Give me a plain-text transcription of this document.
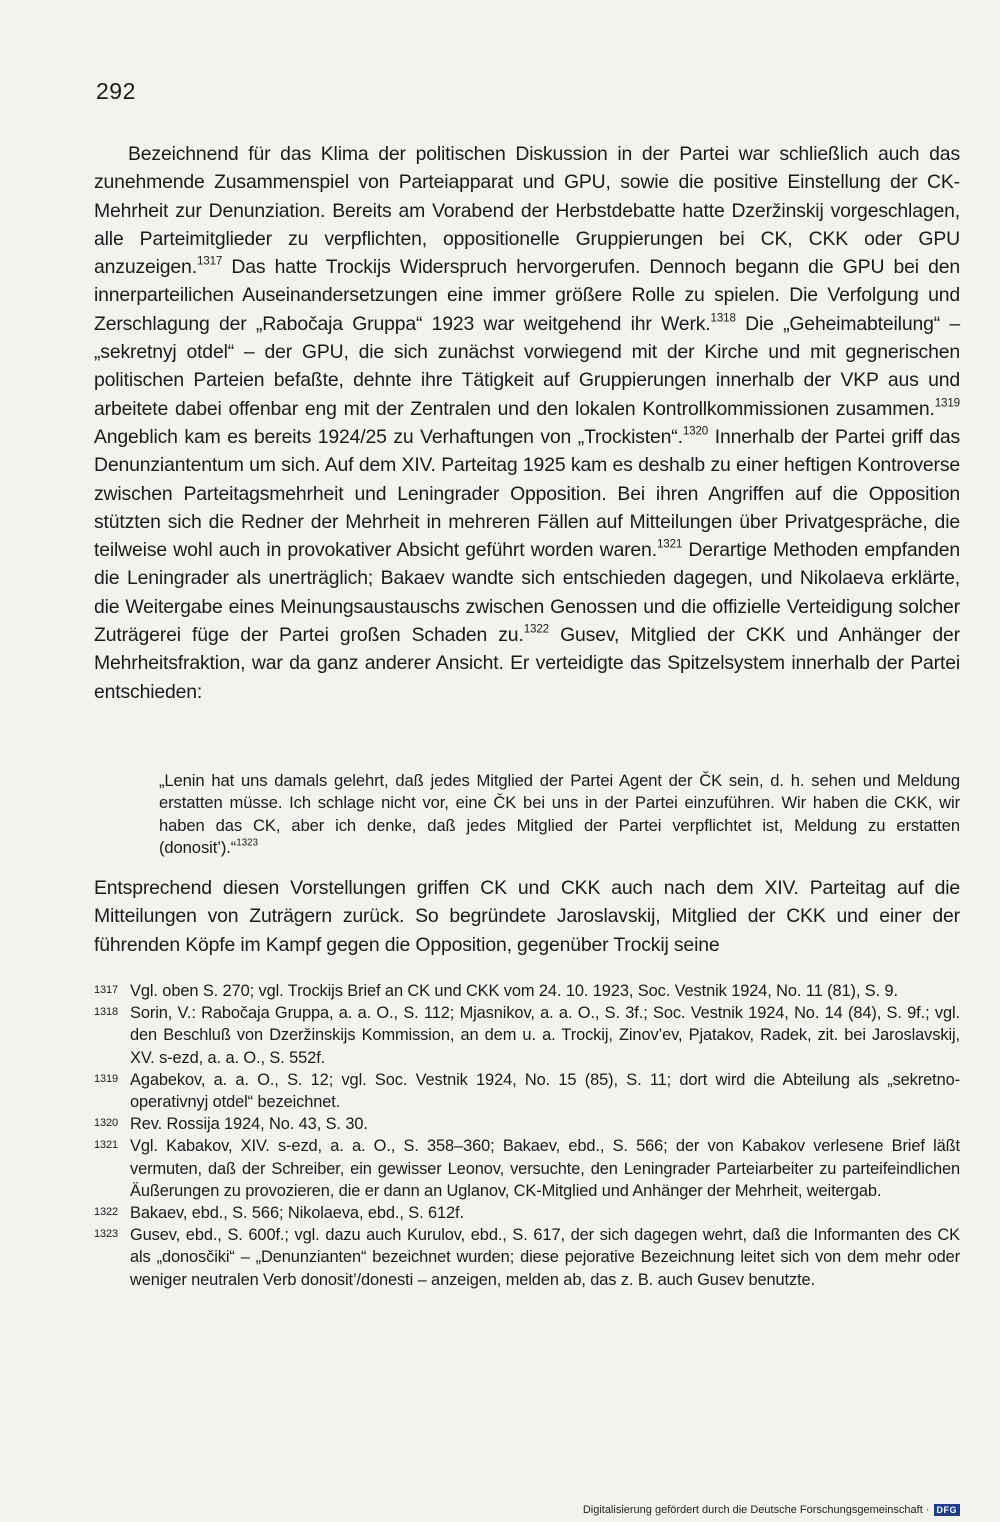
292

Bezeichnend für das Klima der politischen Diskussion in der Partei war schließlich auch das zunehmende Zusammenspiel von Parteiapparat und GPU, sowie die positive Einstellung der CK-Mehrheit zur Denunziation. Bereits am Vorabend der Herbstdebatte hatte Dzeržinskij vorgeschlagen, alle Parteimitglieder zu verpflichten, oppositionelle Gruppierungen bei CK, CKK oder GPU anzuzeigen.$^{1317}$ Das hatte Trockijs Widerspruch hervorgerufen. Dennoch begann die GPU bei den innerparteilichen Auseinandersetzungen eine immer größere Rolle zu spielen. Die Verfolgung und Zerschlagung der „Rabočaja Gruppa“ 1923 war weitgehend ihr Werk.$^{1318}$ Die „Geheimabteilung“ – „sekretnyj otdel“ – der GPU, die sich zunächst vorwiegend mit der Kirche und mit gegnerischen politischen Parteien befaßte, dehnte ihre Tätigkeit auf Gruppierungen innerhalb der VKP aus und arbeitete dabei offenbar eng mit der Zentralen und den lokalen Kontrollkommissionen zusammen.$^{1319}$ Angeblich kam es bereits 1924/25 zu Verhaftungen von „Trockisten“.$^{1320}$ Innerhalb der Partei griff das Denunziantentum um sich. Auf dem XIV. Parteitag 1925 kam es deshalb zu einer heftigen Kontroverse zwischen Parteitagsmehrheit und Leningrader Opposition. Bei ihren Angriffen auf die Opposition stützten sich die Redner der Mehrheit in mehreren Fällen auf Mitteilungen über Privatgespräche, die teilweise wohl auch in provokativer Absicht geführt worden waren.$^{1321}$ Derartige Methoden empfanden die Leningrader als unerträglich; Bakaev wandte sich entschieden dagegen, und Nikolaeva erklärte, die Weitergabe eines Meinungsaustauschs zwischen Genossen und die offizielle Verteidigung solcher Zuträgerei füge der Partei großen Schaden zu.$^{1322}$ Gusev, Mitglied der CKK und Anhänger der Mehrheitsfraktion, war da ganz anderer Ansicht. Er verteidigte das Spitzelsystem innerhalb der Partei entschieden:

„Lenin hat uns damals gelehrt, daß jedes Mitglied der Partei Agent der ČK sein, d. h. sehen und Meldung erstatten müsse. Ich schlage nicht vor, eine ČK bei uns in der Partei einzuführen. Wir haben die CKK, wir haben das CK, aber ich denke, daß jedes Mitglied der Partei verpflichtet ist, Meldung zu erstatten (donosit’).“$^{1323}$

Entsprechend diesen Vorstellungen griffen CK und CKK auch nach dem XIV. Parteitag auf die Mitteilungen von Zuträgern zurück. So begründete Jaroslavskij, Mitglied der CKK und einer der führenden Köpfe im Kampf gegen die Opposition, gegenüber Trockij seine

1317 Vgl. oben S. 270; vgl. Trockijs Brief an CK und CKK vom 24. 10. 1923, Soc. Vestnik 1924, No. 11 (81), S. 9.
1318 Sorin, V.: Rabočaja Gruppa, a. a. O., S. 112; Mjasnikov, a. a. O., S. 3f.; Soc. Vestnik 1924, No. 14 (84), S. 9f.; vgl. den Beschluß von Dzeržinskijs Kommission, an dem u. a. Trockij, Zinov’ev, Pjatakov, Radek, zit. bei Jaroslavskij, XV. s-ezd, a. a. O., S. 552f.
1319 Agabekov, a. a. O., S. 12; vgl. Soc. Vestnik 1924, No. 15 (85), S. 11; dort wird die Abteilung als „sekretno-operativnyj otdel“ bezeichnet.
1320 Rev. Rossija 1924, No. 43, S. 30.
1321 Vgl. Kabakov, XIV. s-ezd, a. a. O., S. 358–360; Bakaev, ebd., S. 566; der von Kabakov verlesene Brief läßt vermuten, daß der Schreiber, ein gewisser Leonov, versuchte, den Leningrader Parteiarbeiter zu parteifeindlichen Äußerungen zu provozieren, die er dann an Uglanov, CK-Mitglied und Anhänger der Mehrheit, weitergab.
1322 Bakaev, ebd., S. 566; Nikolaeva, ebd., S. 612f.
1323 Gusev, ebd., S. 600f.; vgl. dazu auch Kurulov, ebd., S. 617, der sich dagegen wehrt, daß die Informanten des CK als „donosčiki“ – „Denunzianten“ bezeichnet wurden; diese pejorative Bezeichnung leitet sich von dem mehr oder weniger neutralen Verb donosit’/donesti – anzeigen, melden ab, das z. B. auch Gusev benutzte.
Digitalisierung gefördert durch die Deutsche Forschungsgemeinschaft · DFG
